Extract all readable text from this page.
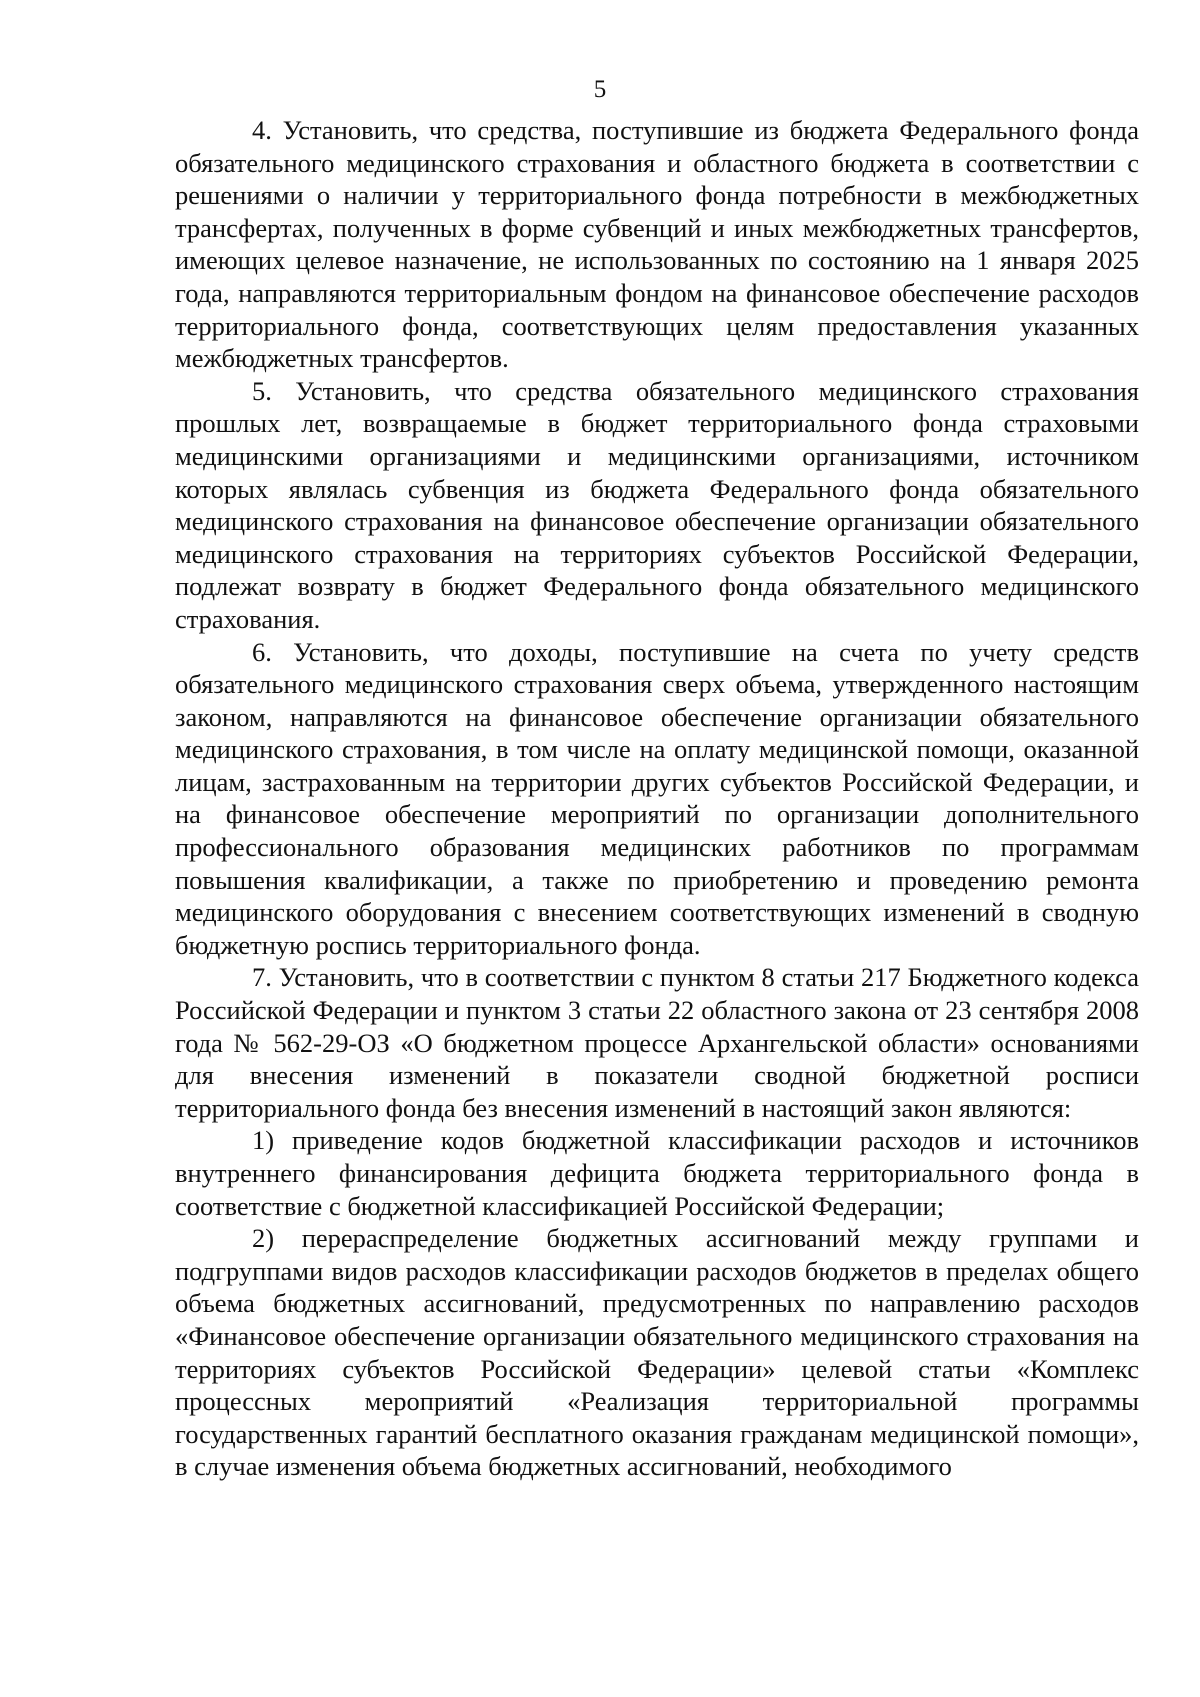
5

4. Установить, что средства, поступившие из бюджета Федерального фонда обязательного медицинского страхования и областного бюджета в соответствии с решениями о наличии у территориального фонда потребности в межбюджетных трансфертах, полученных в форме субвенций и иных межбюджетных трансфертов, имеющих целевое назначение, не использованных по состоянию на 1 января 2025 года, направляются территориальным фондом на финансовое обеспечение расходов территориального фонда, соответствующих целям предоставления указанных межбюджетных трансфертов.

5. Установить, что средства обязательного медицинского страхования прошлых лет, возвращаемые в бюджет территориального фонда страховыми медицинскими организациями и медицинскими организациями, источником которых являлась субвенция из бюджета Федерального фонда обязательного медицинского страхования на финансовое обеспечение организации обязательного медицинского страхования на территориях субъектов Российской Федерации, подлежат возврату в бюджет Федерального фонда обязательного медицинского страхования.

6. Установить, что доходы, поступившие на счета по учету средств обязательного медицинского страхования сверх объема, утвержденного настоящим законом, направляются на финансовое обеспечение организации обязательного медицинского страхования, в том числе на оплату медицинской помощи, оказанной лицам, застрахованным на территории других субъектов Российской Федерации, и на финансовое обеспечение мероприятий по организации дополнительного профессионального образования медицинских работников по программам повышения квалификации, а также по приобретению и проведению ремонта медицинского оборудования с внесением соответствующих изменений в сводную бюджетную роспись территориального фонда.

7. Установить, что в соответствии с пунктом 8 статьи 217 Бюджетного кодекса Российской Федерации и пунктом 3 статьи 22 областного закона от 23 сентября 2008 года № 562-29-ОЗ «О бюджетном процессе Архангельской области» основаниями для внесения изменений в показатели сводной бюджетной росписи территориального фонда без внесения изменений в настоящий закон являются:

1) приведение кодов бюджетной классификации расходов и источников внутреннего финансирования дефицита бюджета территориального фонда в соответствие с бюджетной классификацией Российской Федерации;

2) перераспределение бюджетных ассигнований между группами и подгруппами видов расходов классификации расходов бюджетов в пределах общего объема бюджетных ассигнований, предусмотренных по направлению расходов «Финансовое обеспечение организации обязательного медицинского страхования на территориях субъектов Российской Федерации» целевой статьи «Комплекс процессных мероприятий «Реализация территориальной программы государственных гарантий бесплатного оказания гражданам медицинской помощи», в случае изменения объема бюджетных ассигнований, необходимого
